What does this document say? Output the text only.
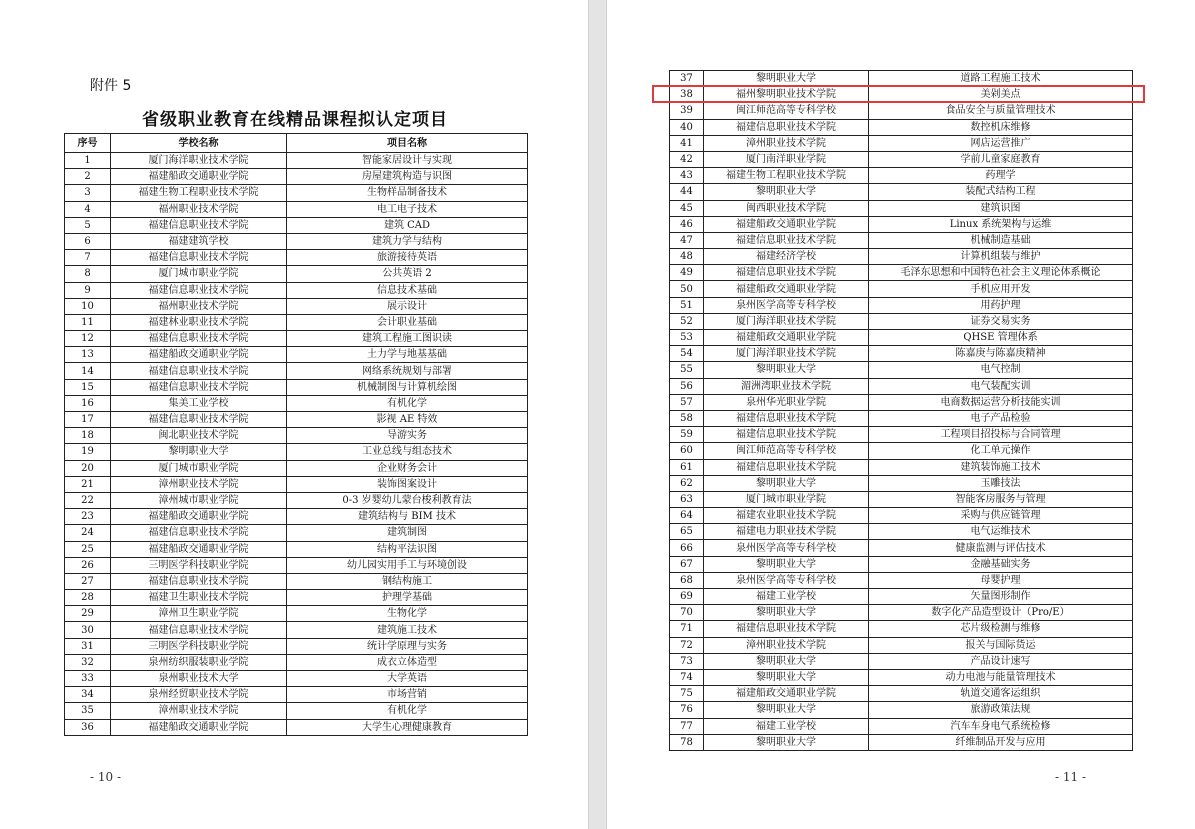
附件 5
省级职业教育在线精品课程拟认定项目
- 10 -
序号	学校名称	项目名称
1	厦门海洋职业技术学院	智能家居设计与实现
2	福建船政交通职业学院	房屋建筑构造与识图
3	福建生物工程职业技术学院	生物样品制备技术
4	福州职业技术学院	电工电子技术
5	福建信息职业技术学院	建筑 CAD
6	福建建筑学校	建筑力学与结构
7	福建信息职业技术学院	旅游接待英语
8	厦门城市职业学院	公共英语 2
9	福建信息职业技术学院	信息技术基础
10	福州职业技术学院	展示设计
11	福建林业职业技术学院	会计职业基础
12	福建信息职业技术学院	建筑工程施工图识读
13	福建船政交通职业学院	土力学与地基基础
14	福建信息职业技术学院	网络系统规划与部署
15	福建信息职业技术学院	机械制图与计算机绘图
16	集美工业学校	有机化学
17	福建信息职业技术学院	影视 AE 特效
18	闽北职业技术学院	导游实务
19	黎明职业大学	工业总线与组态技术
20	厦门城市职业学院	企业财务会计
21	漳州职业技术学院	装饰图案设计
22	漳州城市职业学院	0-3 岁婴幼儿蒙台梭利教育法
23	福建船政交通职业学院	建筑结构与 BIM 技术
24	福建信息职业技术学院	建筑制图
25	福建船政交通职业学院	结构平法识图
26	三明医学科技职业学院	幼儿园实用手工与环境创设
27	福建信息职业技术学院	钢结构施工
28	福建卫生职业技术学院	护理学基础
29	漳州卫生职业学院	生物化学
30	福建信息职业技术学院	建筑施工技术
31	三明医学科技职业学院	统计学原理与实务
32	泉州纺织服装职业学院	成衣立体造型
33	泉州职业技术大学	大学英语
34	泉州经贸职业技术学院	市场营销
35	漳州职业技术学院	有机化学
36	福建船政交通职业学院	大学生心理健康教育
37	黎明职业大学	道路工程施工技术
38	福州黎明职业技术学院	美剁美点
39	闽江师范高等专科学校	食品安全与质量管理技术
40	福建信息职业技术学院	数控机床维修
41	漳州职业技术学院	网店运营推广
42	厦门南洋职业学院	学前儿童家庭教育
43	福建生物工程职业技术学院	药理学
44	黎明职业大学	装配式结构工程
45	闽西职业技术学院	建筑识图
46	福建船政交通职业学院	Linux 系统架构与运维
47	福建信息职业技术学院	机械制造基础
48	福建经济学校	计算机组装与维护
49	福建信息职业技术学院	毛泽东思想和中国特色社会主义理论体系概论
50	福建船政交通职业学院	手机应用开发
51	泉州医学高等专科学校	用药护理
52	厦门海洋职业技术学院	证券交易实务
53	福建船政交通职业学院	QHSE 管理体系
54	厦门海洋职业技术学院	陈嘉庚与陈嘉庚精神
55	黎明职业大学	电气控制
56	湄洲湾职业技术学院	电气装配实训
57	泉州华光职业学院	电商数据运营分析技能实训
58	福建信息职业技术学院	电子产品检验
59	福建信息职业技术学院	工程项目招投标与合同管理
60	闽江师范高等专科学校	化工单元操作
61	福建信息职业技术学院	建筑装饰施工技术
62	黎明职业大学	玉雕技法
63	厦门城市职业学院	智能客房服务与管理
64	福建农业职业技术学院	采购与供应链管理
65	福建电力职业技术学院	电气运维技术
66	泉州医学高等专科学校	健康监测与评估技术
67	黎明职业大学	金融基础实务
68	泉州医学高等专科学校	母婴护理
69	福建工业学校	矢量图形制作
70	黎明职业大学	数字化产品造型设计（Pro/E）
71	福建信息职业技术学院	芯片级检测与维修
72	漳州职业技术学院	报关与国际货运
73	黎明职业大学	产品设计速写
74	黎明职业大学	动力电池与能量管理技术
75	福建船政交通职业学院	轨道交通客运组织
76	黎明职业大学	旅游政策法规
77	福建工业学校	汽车车身电气系统检修
78	黎明职业大学	纤维制品开发与应用
- 11 -
